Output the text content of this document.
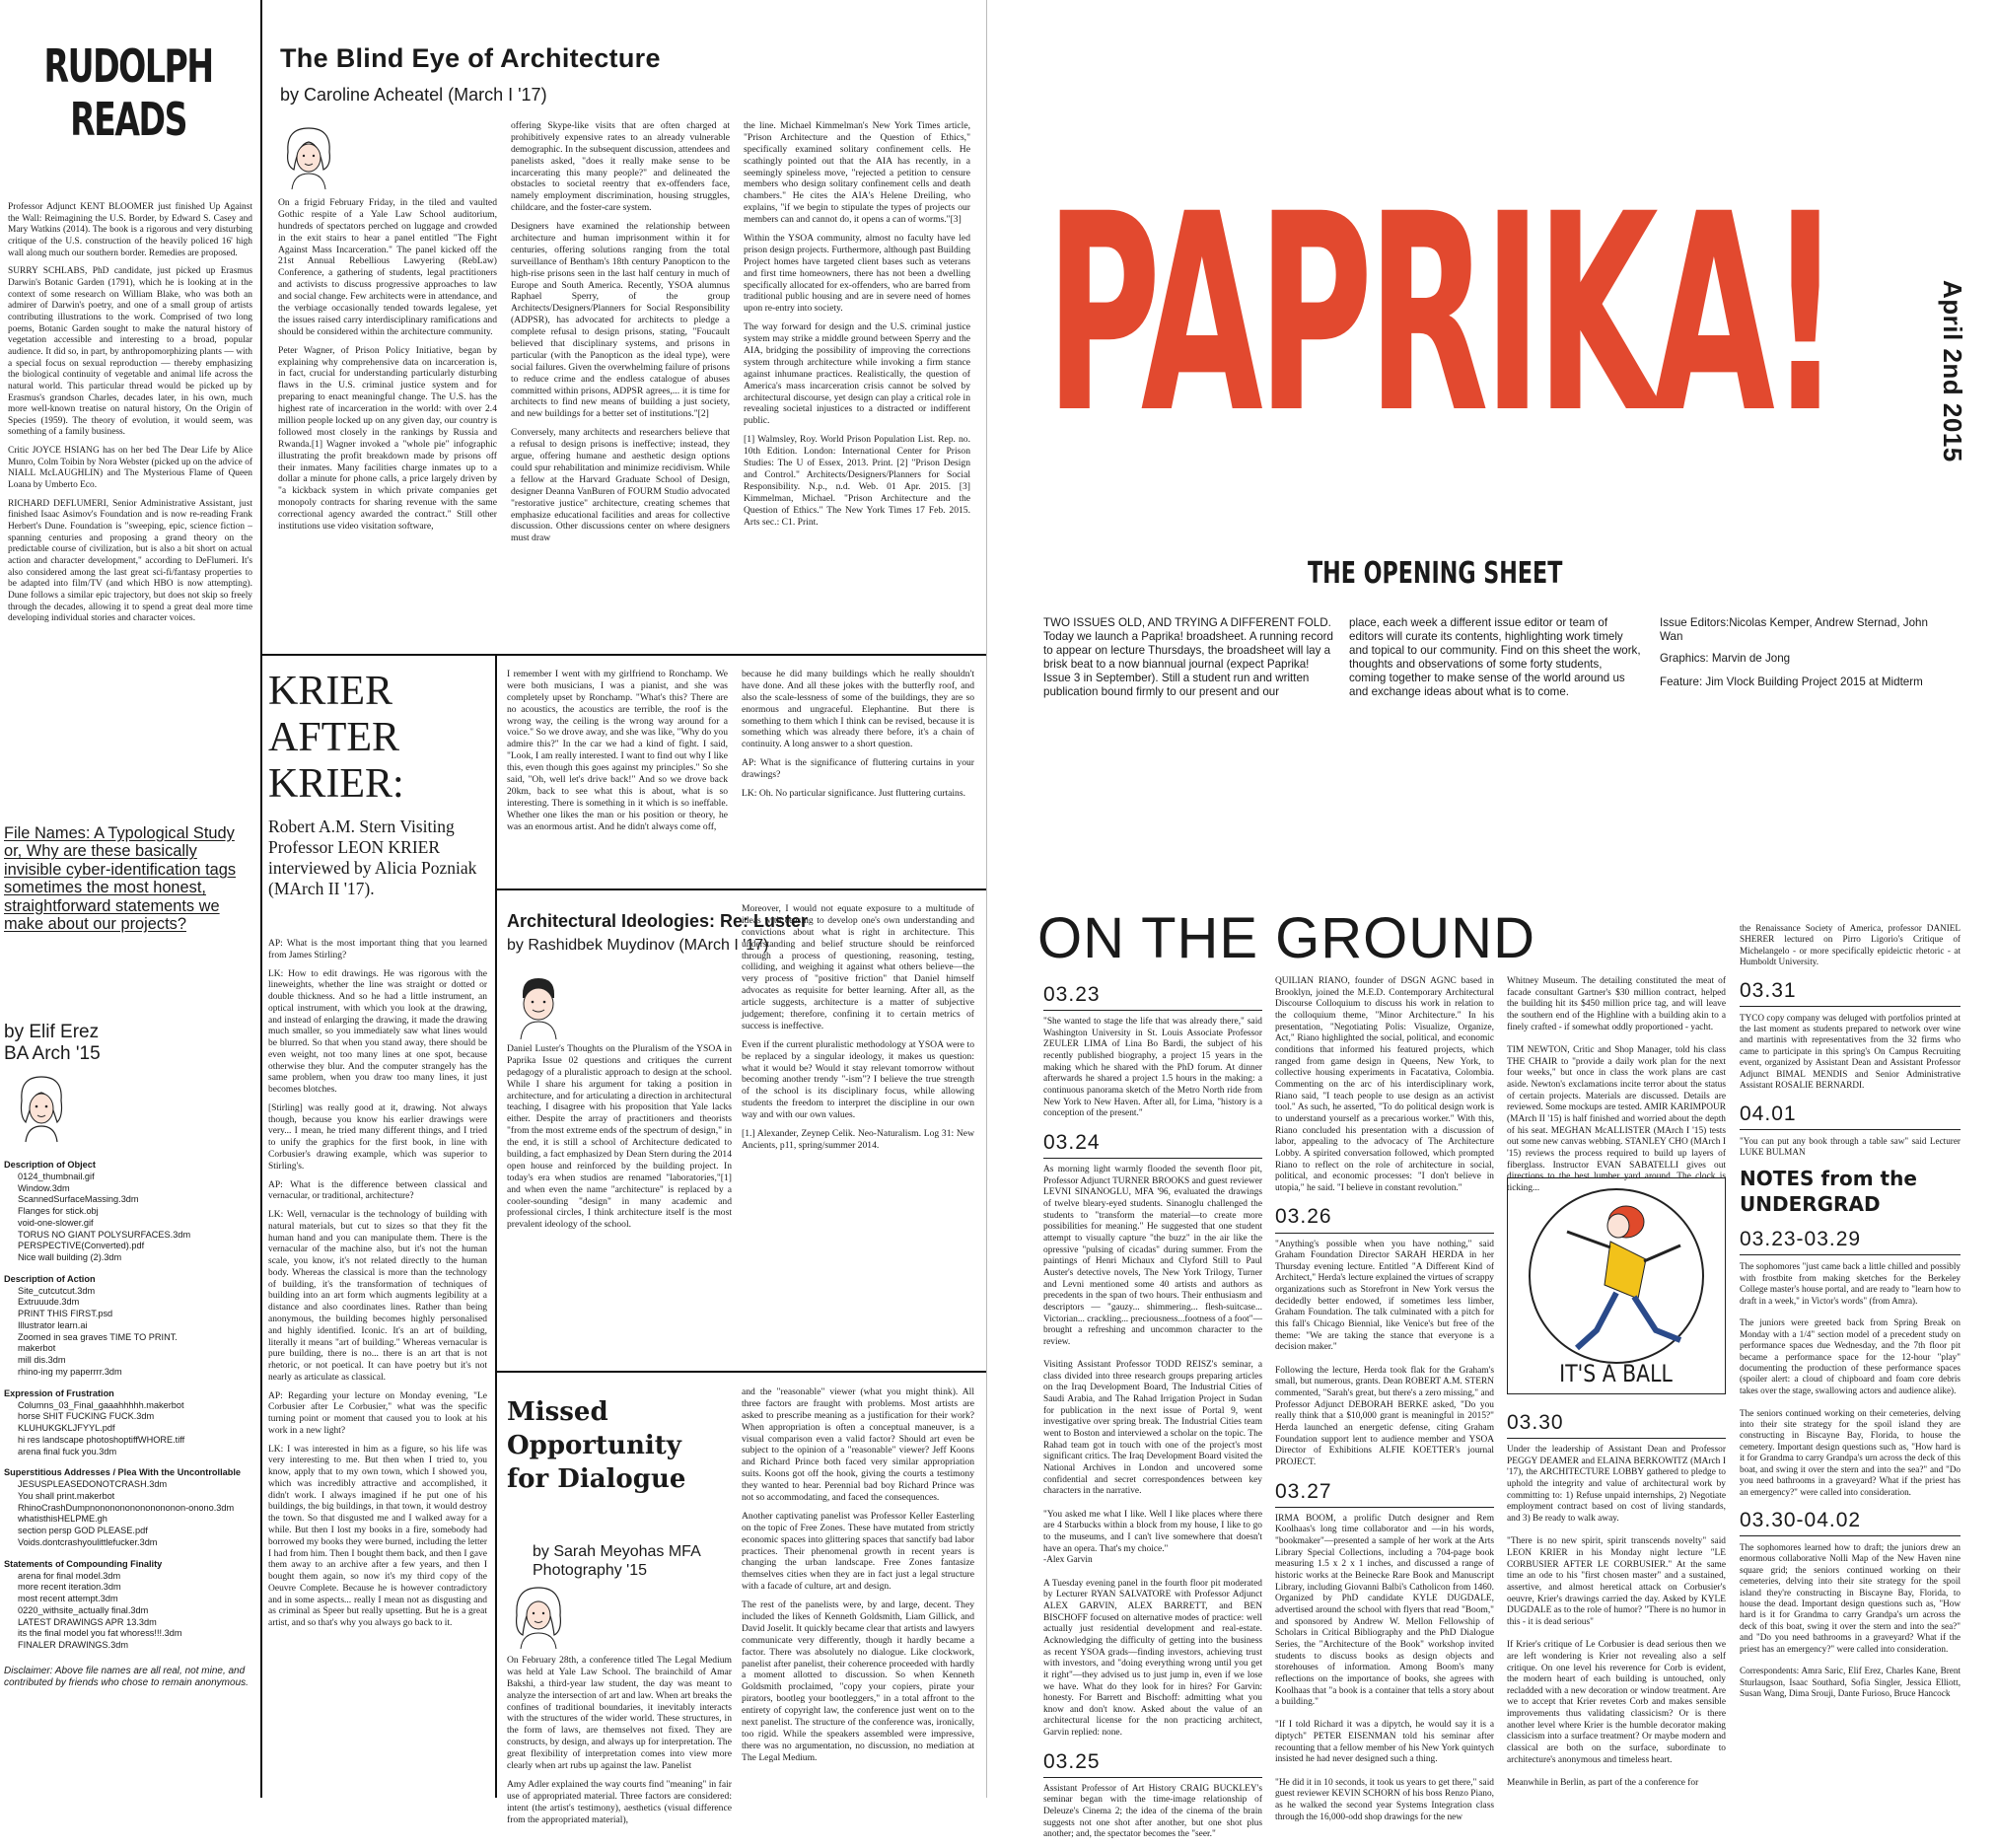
RUDOLPH READS

Professor Adjunct KENT BLOOMER just finished Up Against the Wall: Reimagining the U.S. Border, by Edward S. Casey and Mary Watkins (2014). The book is a rigorous and very disturbing critique of the U.S. construction of the heavily policed 16' high wall along much our southern border. Remedies are proposed.

SURRY SCHLABS, PhD candidate, just picked up Erasmus Darwin's Botanic Garden (1791), which he is looking at in the context of some research on William Blake, who was both an admirer of Darwin's poetry, and one of a small group of artists contributing illustrations to the work. Comprised of two long poems, Botanic Garden sought to make the natural history of vegetation accessible and interesting to a broad, popular audience. It did so, in part, by anthropomorphizing plants — with a special focus on sexual reproduction — thereby emphasizing the biological continuity of vegetable and animal life across the natural world. This particular thread would be picked up by Erasmus's grandson Charles, decades later, in his own, much more well-known treatise on natural history, On the Origin of Species (1959). The theory of evolution, it would seem, was something of a family business.

Critic JOYCE HSIANG has on her bed The Dear Life by Alice Munro, Colm Toibin by Nora Webster (picked up on the advice of NIALL McLAUGHLIN) and The Mysterious Flame of Queen Loana by Umberto Eco.

RICHARD DEFLUMERI, Senior Administrative Assistant, just finished Isaac Asimov's Foundation and is now re-reading Frank Herbert's Dune. Foundation is "sweeping, epic, science fiction – spanning centuries and proposing a grand theory on the predictable course of civilization, but is also a bit short on actual action and character development," according to DeFlumeri. It's also considered among the last great sci-fi/fantasy properties to be adapted into film/TV (and which HBO is now attempting). Dune follows a similar epic trajectory, but does not skip so freely through the decades, allowing it to spend a great deal more time developing individual stories and character voices.

File Names: A Typological Study or, Why are these basically invisible cyber-identification tags sometimes the most honest, straightforward statements we make about our projects?
by Elif Erez
BA Arch '15
Description of Object
0124_thumbnail.gif
Window.3dm
ScannedSurfaceMassing.3dm
Flanges for stick.obj
void-one-slower.gif
TORUS NO GIANT POLYSURFACES.3dm
PERSPECTIVE(Converted).pdf
Nice wall building (2).3dm
Description of Action
Site_cutcutcut.3dm
Extruuude.3dm
PRINT THIS FIRST.psd
Illustrator learn.ai
Zoomed in sea graves TIME TO PRINT.
makerbot
mill dis.3dm
rhino-ing my paperrrr.3dm
Expression of Frustration
Columns_03_Final_gaaahhhhh.makerbot
horse SHIT FUCKING FUCK.3dm
KLUHUKGKLJFYYL.pdf
hi res landscape photoshoptiffWHORE.tiff
arena final fuck you.3dm
Superstitious Addresses / Plea With the Uncontrollable
JESUSPLEASEDONOTCRASH.3dm
You shall print.makerbot
RhinoCrashDumpnononononononononon-onono.3dm
whatisthisHELPME.gh
section persp GOD PLEASE.pdf
Voids.dontcrashyoulittlefucker.3dm
Statements of Compounding Finality
arena for final model.3dm
more recent iteration.3dm
most recent attempt.3dm
0220_withsite_actually final.3dm
LATEST DRAWINGS APR 13.3dm
its the final model you fat whoress!!!.3dm
FINALER DRAWINGS.3dm
Disclaimer: Above file names are all real, not mine, and contributed by friends who chose to remain anonymous.
The Blind Eye of Architecture
by Caroline Acheatel (March I '17)

On a frigid February Friday, in the tiled and vaulted Gothic respite of a Yale Law School auditorium, hundreds of spectators perched on luggage and crowded in the exit stairs to hear a panel entitled "The Fight Against Mass Incarceration." The panel kicked off the 21st Annual Rebellious Lawyering (RebLaw) Conference, a gathering of students, legal practitioners and activists to discuss progressive approaches to law and social change. Few architects were in attendance, and the verbiage occasionally tended towards legalese, yet the issues raised carry interdisciplinary ramifications and should be considered within the architecture community.

Peter Wagner, of Prison Policy Initiative, began by explaining why comprehensive data on incarceration is, in fact, crucial for understanding particularly disturbing flaws in the U.S. criminal justice system and for preparing to enact meaningful change. The U.S. has the highest rate of incarceration in the world: with over 2.4 million people locked up on any given day, our country is followed most closely in the rankings by Russia and Rwanda.[1] Wagner invoked a "whole pie" infographic illustrating the profit breakdown made by prisons off their inmates. Many facilities charge inmates up to a dollar a minute for phone calls, a price largely driven by "a kickback system in which private companies get monopoly contracts for sharing revenue with the same correctional agency awarded the contract." Still other institutions use video visitation software,

offering Skype-like visits that are often charged at prohibitively expensive rates to an already vulnerable demographic. In the subsequent discussion, attendees and panelists asked, "does it really make sense to be incarcerating this many people?" and delineated the obstacles to societal reentry that ex-offenders face, namely employment discrimination, housing struggles, childcare, and the foster-care system.

Designers have examined the relationship between architecture and human imprisonment within it for centuries, offering solutions ranging from the total surveillance of Bentham's 18th century Panopticon to the high-rise prisons seen in the last half century in much of Europe and South America. Recently, YSOA alumnus Raphael Sperry, of the group Architects/Designers/Planners for Social Responsibility (ADPSR), has advocated for architects to pledge a complete refusal to design prisons, stating, "Foucault believed that disciplinary systems, and prisons in particular (with the Panopticon as the ideal type), were social failures. Given the overwhelming failure of prisons to reduce crime and the endless catalogue of abuses committed within prisons, ADPSR agrees,... it is time for architects to find new means of building a just society, and new buildings for a better set of institutions."[2]

Conversely, many architects and researchers believe that a refusal to design prisons is ineffective; instead, they argue, offering humane and aesthetic design options could spur rehabilitation and minimize recidivism. While a fellow at the Harvard Graduate School of Design, designer Deanna VanBuren of FOURM Studio advocated "restorative justice" architecture, creating schemes that emphasize educational facilities and areas for collective discussion. Other discussions center on where designers must draw

the line. Michael Kimmelman's New York Times article, "Prison Architecture and the Question of Ethics," specifically examined solitary confinement cells. He scathingly pointed out that the AIA has recently, in a seemingly spineless move, "rejected a petition to censure members who design solitary confinement cells and death chambers." He cites the AIA's Helene Dreiling, who explains, "if we begin to stipulate the types of projects our members can and cannot do, it opens a can of worms."[3]

Within the YSOA community, almost no faculty have led prison design projects. Furthermore, although past Building Project homes have targeted client bases such as veterans and first time homeowners, there has not been a dwelling specifically allocated for ex-offenders, who are barred from traditional public housing and are in severe need of homes upon re-entry into society.

The way forward for design and the U.S. criminal justice system may strike a middle ground between Sperry and the AIA, bridging the possibility of improving the corrections system through architecture while invoking a firm stance against inhumane practices. Realistically, the question of America's mass incarceration crisis cannot be solved by architectural discourse, yet design can play a critical role in revealing societal injustices to a distracted or indifferent public.

[1] Walmsley, Roy. World Prison Population List. Rep. no. 10th Edition. London: International Center for Prison Studies: The U of Essex, 2013. Print. [2] "Prison Design and Control." Architects/Designers/Planners for Social Responsibility. N.p., n.d. Web. 01 Apr. 2015. [3] Kimmelman, Michael. "Prison Architecture and the Question of Ethics." The New York Times 17 Feb. 2015. Arts sec.: C1. Print.

KRIER AFTER KRIER:
Robert A.M. Stern Visiting Professor LEON KRIER interviewed by Alicia Pozniak (MArch II '17).

AP: What is the most important thing that you learned from James Stirling?

LK: How to edit drawings. He was rigorous with the lineweights, whether the line was straight or dotted or double thickness. And so he had a little instrument, an optical instrument, with which you look at the drawing, and instead of enlarging the drawing, it made the drawing much smaller, so you immediately saw what lines would be blurred. So that when you stand away, there should be even weight, not too many lines at one spot, because otherwise they blur. And the computer strangely has the same problem, when you draw too many lines, it just becomes blotches.

[Stirling] was really good at it, drawing. Not always though, because you know his earlier drawings were very... I mean, he tried many different things, and I tried to unify the graphics for the first book, in line with Corbusier's drawing example, which was superior to Stirling's.

AP: What is the difference between classical and vernacular, or traditional, architecture?

LK: Well, vernacular is the technology of building with natural materials, but cut to sizes so that they fit the human hand and you can manipulate them. There is the vernacular of the machine also, but it's not the human scale, you know, it's not related directly to the human body. Whereas the classical is more than the technology of building, it's the transformation of techniques of building into an art form which augments legibility at a distance and also coordinates lines. Rather than being anonymous, the building becomes highly personalised and highly identified. Iconic. It's an art of building, literally it means "art of building." Whereas vernacular is pure building, there is no... there is an art that is not rhetoric, or not poetical. It can have poetry but it's not nearly as articulate as classical.

AP: Regarding your lecture on Monday evening, "Le Corbusier after Le Corbusier," what was the specific turning point or moment that caused you to look at his work in a new light?

LK: I was interested in him as a figure, so his life was very interesting to me. But then when I tried to, you know, apply that to my own town, which I showed you, which was incredibly attractive and accomplished, it didn't work. I always imagined if he put one of his buildings, the big buildings, in that town, it would destroy the town. So that disgusted me and I walked away for a while. But then I lost my books in a fire, somebody had borrowed my books they were burned, including the letter I had from him. Then I bought them back, and then I gave them away to an archive after a few years, and then I bought them again, so now it's my third copy of the Oeuvre Complete. Because he is however contradictory and in some aspects... really I mean not as disgusting and as criminal as Speer but really upsetting. But he is a great artist, and so that's why you always go back to it.

I remember I went with my girlfriend to Ronchamp. We were both musicians, I was a pianist, and she was completely upset by Ronchamp. "What's this? There are no acoustics, the acoustics are terrible, the roof is the wrong way, the ceiling is the wrong way around for a voice." So we drove away, and she was like, "Why do you admire this?" In the car we had a kind of fight. I said, "Look, I am really interested. I want to find out why I like this, even though this goes against my principles." So she said, "Oh, well let's drive back!" And so we drove back 20km, back to see what this is about, what is so interesting. There is something in it which is so ineffable. Whether one likes the man or his position or theory, he was an enormous artist. And he didn't always come off,

because he did many buildings which he really shouldn't have done. And all these jokes with the butterfly roof, and also the scale-lessness of some of the buildings, they are so enormous and ungraceful. Elephantine. But there is something to them which I think can be revised, because it is something which was already there before, it's a chain of continuity. A long answer to a short question.

AP: What is the significance of fluttering curtains in your drawings?

LK: Oh. No particular significance. Just fluttering curtains.

Architectural Ideologies: Re: Luster
by Rashidbek Muydinov (MArch I '17)

Daniel Luster's Thoughts on the Pluralism of the YSOA in Paprika Issue 02 questions and critiques the current pedagogy of a pluralistic approach to design at the school. While I share his argument for taking a position in architecture, and for articulating a direction in architectural teaching, I disagree with his proposition that Yale lacks either. Despite the array of practitioners and theorists "from the most extreme ends of the spectrum of design," in the end, it is still a school of Architecture dedicated to building, a fact emphasized by Dean Stern during the 2014 open house and reinforced by the building project. In today's era when studios are renamed "laboratories,"[1] and when even the name "architecture" is replaced by a cooler-sounding "design" in many academic and professional circles, I think architecture itself is the most prevalent ideology of the school.

Moreover, I would not equate exposure to a multitude of ideas with ceasing to develop one's own understanding and convictions about what is right in architecture. This understanding and belief structure should be reinforced through a process of questioning, reasoning, testing, colliding, and weighing it against what others believe—the very process of "positive friction" that Daniel himself advocates as requisite for better learning. After all, as the article suggests, architecture is a matter of subjective judgement; therefore, confining it to certain metrics of success is ineffective.

Even if the current pluralistic methodology at YSOA were to be replaced by a singular ideology, it makes us question: what it would be? Would it stay relevant tomorrow without becoming another trendy "-ism"? I believe the true strength of the school is its disciplinary focus, while allowing students the freedom to interpret the discipline in our own way and with our own values.

[1.] Alexander, Zeynep Celik. Neo-Naturalism. Log 31: New Ancients, p11, spring/summer 2014.

Missed Opportunity for Dialogue
by Sarah Meyohas MFA Photography '15

On February 28th, a conference titled The Legal Medium was held at Yale Law School. The brainchild of Amar Bakshi, a third-year law student, the day was meant to analyze the intersection of art and law. When art breaks the confines of traditional boundaries, it inevitably interacts with the structures of the wider world. These structures, in the form of laws, are themselves not fixed. They are constructs, by design, and always up for interpretation. The great flexibility of interpretation comes into view more clearly when art rubs up against the law. Panelist

Amy Adler explained the way courts find "meaning" in fair use of appropriated material. Three factors are considered: intent (the artist's testimony), aesthetics (visual difference from the appropriated material),

and the "reasonable" viewer (what you might think). All three factors are fraught with problems. Most artists are asked to prescribe meaning as a justification for their work? When appropriation is often a conceptual maneuver, is a visual comparison even a valid factor? Should art even be subject to the opinion of a "reasonable" viewer? Jeff Koons and Richard Prince both faced very similar appropriation suits. Koons got off the hook, giving the courts a testimony they wanted to hear. Perennial bad boy Richard Prince was not so accommodating, and faced the consequences.

Another captivating panelist was Professor Keller Easterling on the topic of Free Zones. These have mutated from strictly economic spaces into glittering spaces that sanctify bad labor practices. Their phenomenal growth in recent years is changing the urban landscape. Free Zones fantasize themselves cities when they are in fact just a legal structure with a facade of culture, art and design.

The rest of the panelists were, by and large, decent. They included the likes of Kenneth Goldsmith, Liam Gillick, and David Joselit. It quickly became clear that artists and lawyers communicate very differently, though it hardly became a factor. There was absolutely no dialogue. Like clockwork, panelist after panelist, their coherence proceeded with hardly a moment allotted to discussion. So when Kenneth Goldsmith proclaimed, "copy your copiers, pirate your pirators, bootleg your bootleggers," in a total affront to the entirety of copyright law, the conference just went on to the next panelist. The structure of the conference was, ironically, too rigid. While the speakers assembled were impressive, there was no argumentation, no discussion, no mediation at The Legal Medium.

PAPRIKA!	April 2nd 2015
THE OPENING SHEET
TWO ISSUES OLD, AND TRYING A DIFFERENT FOLD. Today we launch a Paprika! broadsheet. A running record to appear on lecture Thursdays, the broadsheet will lay a brisk beat to a now biannual journal (expect Paprika! Issue 3 in September). Still a student run and written publication bound firmly to our present and our
place, each week a different issue editor or team of editors will curate its contents, highlighting work timely and topical to our community. Find on this sheet the work, thoughts and observations of some forty students, coming together to make sense of the world around us and exchange ideas about what is to come.
Issue Editors:Nicolas Kemper, Andrew Sternad, John Wan
Graphics: Marvin de Jong
Feature: Jim Vlock Building Project 2015 at Midterm
ON THE GROUND
03.23

"She wanted to stage the life that was already there," said Washington University in St. Louis Associate Professor ZEULER LIMA of Lina Bo Bardi, the subject of his recently published biography, a project 15 years in the making which he shared with the PhD forum. At dinner afterwards he shared a project 1.5 hours in the making: a continuous panorama sketch of the Metro North ride from New York to New Haven. After all, for Lima, "history is a conception of the present."

03.24

As morning light warmly flooded the seventh floor pit, Professor Adjunct TURNER BROOKS and guest reviewer LEVNI SINANOGLU, MFA '96, evaluated the drawings of twelve bleary-eyed students. Sinanoglu challenged the students to "transform the material—to create more possibilities for meaning." He suggested that one student attempt to visually capture "the buzz" in the air like the opressive "pulsing of cicadas" during summer. From the paintings of Henri Michaux and Clyford Still to Paul Auster's detective novels, The New York Trilogy, Turner and Levni mentioned some 40 artists and authors as precedents in the span of two hours. Their enthusiasm and descriptors — "gauzy... shimmering... flesh-suitcase... Victorian... crackling... preciousness...footness of a foot"—brought a refreshing and uncommon character to the review.

Visiting Assistant Professor TODD REISZ's seminar, a class divided into three research groups preparing articles on the Iraq Development Board, The Industrial Cities of Saudi Arabia, and The Rahad Irrigation Project in Sudan for publication in the next issue of Portal 9, went investigative over spring break. The Industrial Cities team went to Boston and interviewed a scholar on the topic. The Rahad team got in touch with one of the project's most significant critics. The Iraq Development Board visited the National Archives in London and uncovered some confidential and secret correspondences between key characters in the narrative.

"You asked me what I like. Well I like places where there are 4 Starbucks within a block from my house, I like to go to the museums, and I can't live somewhere that doesn't have an opera. That's my choice."
-Alex Garvin

A Tuesday evening panel in the fourth floor pit moderated by Lecturer RYAN SALVATORE with Professor Adjunct ALEX GARVIN, ALEX BARRETT, and BEN BISCHOFF focused on alternative modes of practice: well actually just residential development and real-estate. Acknowledging the difficulty of getting into the business as recent YSOA grads—finding investors, achieving trust with investors, and "doing everything wrong until you get it right"—they advised us to just jump in, even if we lose we have. What do they look for in hires? For Garvin: honesty. For Barrett and Bischoff: admitting what you know and don't know. Asked about the value of an architectural license for the non practicing architect, Garvin replied: none.

03.25

Assistant Professor of Art History CRAIG BUCKLEY's seminar began with the time-image relationship of Deleuze's Cinema 2; the idea of the cinema of the brain suggests not one shot after another, but one shot plus another; and, the spectator becomes the "seer."

QUILIAN RIANO, founder of DSGN AGNC based in Brooklyn, joined the M.E.D. Contemporary Architectural Discourse Colloquium to discuss his work in relation to the colloquium theme, "Minor Architecture." In his presentation, "Negotiating Polis: Visualize, Organize, Act," Riano highlighted the social, political, and economic conditions that informed his featured projects, which ranged from game design in Queens, New York, to collective housing experiments in Facatativa, Colombia. Commenting on the arc of his interdisciplinary work, Riano said, "I teach people to use design as an activist tool." As such, he asserted, "To do political design work is to understand yourself as a precarious worker." With this, Riano concluded his presentation with a discussion of labor, appealing to the advocacy of The Architecture Lobby. A spirited conversation followed, which prompted Riano to reflect on the role of architecture in social, political, and economic processes: "I don't believe in utopia," he said. "I believe in constant revolution."

03.26

"Anything's possible when you have nothing," said Graham Foundation Director SARAH HERDA in her Thursday evening lecture. Entitled "A Different Kind of Architect," Herda's lecture explained the virtues of scrappy organizations such as Storefront in New York versus the decidedly better endowed, if sometimes less limber, Graham Foundation. The talk culminated with a pitch for this fall's Chicago Biennial, like Venice's but free of the theme: "We are taking the stance that everyone is a decision maker."

Following the lecture, Herda took flak for the Graham's small, but numerous, grants. Dean ROBERT A.M. STERN commented, "Sarah's great, but there's a zero missing," and Professor Adjunct DEBORAH BERKE asked, "Do you really think that a $10,000 grant is meaningful in 2015?" Herda launched an energetic defense, citing Graham Foundation support lent to audience member and YSOA Director of Exhibitions ALFIE KOETTER's journal PROJECT.

03.27

IRMA BOOM, a prolific Dutch designer and Rem Koolhaas's long time collaborator and —in his words, "bookmaker"—presented a sample of her work at the Arts Library Special Collections, including a 704-page book measuring 1.5 x 2 x 1 inches, and discussed a range of historic works at the Beinecke Rare Book and Manuscript Library, including Giovanni Balbi's Catholicon from 1460. Organized by PhD candidate KYLE DUGDALE, advertised around the school with flyers that read "Boom," and sponsored by Andrew W. Mellon Fellowship of Scholars in Critical Bibliography and the PhD Dialogue Series, the "Architecture of the Book" workshop invited students to discuss books as design objects and storehouses of information. Among Boom's many reflections on the importance of books, she agrees with Koolhaas that "a book is a container that tells a story about a building."

"If I told Richard it was a dipytch, he would say it is a diptych" PETER EISENMAN told his seminar after recounting that a fellow member of his New York quintych insisted he had never designed such a thing.

"He did it in 10 seconds, it took us years to get there," said guest reviewer KEVIN SCHORN of his boss Renzo Piano, as he walked the second year Systems Integration class through the 16,000-odd shop drawings for the new

Whitney Museum. The detailing constituted the meat of facade consultant Gartner's $30 million contract, helped the building hit its $450 million price tag, and will leave the southern end of the Highline with a building akin to a finely crafted - if somewhat oddly proportioned - yacht.

TIM NEWTON, Critic and Shop Manager, told his class THE CHAIR to "provide a daily work plan for the next four weeks," but once in class the work plans are cast aside. Newton's exclamations incite terror about the status of certain projects. Materials are discussed. Details are reviewed. Some mockups are tested. AMIR KARIMPOUR (MArch II '15) is half finished and worried about the depth of his seat. MEGHAN McALLISTER (MArch I '15) tests out some new canvas webbing. STANLEY CHO (MArch I '15) reviews the process required to build up layers of fiberglass. Instructor EVAN SABATELLI gives out directions to the best lumber yard around. The clock is ticking...

IT'S A BALL
03.30

Under the leadership of Assistant Dean and Professor PEGGY DEAMER and ELAINA BERKOWITZ (MArch I '17), the ARCHITECTURE LOBBY gathered to pledge to uphold the integrity and value of architectural work by committing to: 1) Refuse unpaid internships, 2) Negotiate employment contract based on cost of living standards, and 3) Be ready to walk away.

"There is no new spirit, spirit transcends novelty" said LEON KRIER in his Monday night lecture "LE CORBUSIER AFTER LE CORBUSIER." At the same time an ode to his "first chosen master" and a sustained, assertive, and almost heretical attack on Corbusier's oeuvre, Krier's drawings carried the day. Asked by KYLE DUGDALE as to the role of humor? "There is no humor in this - it is dead serious"

If Krier's critique of Le Corbusier is dead serious then we are left wondering is Krier not revealing also a self critique. On one level his reverence for Corb is evident, the modern heart of each building is untouched, only recladded with a new decoration or window treatment. Are we to accept that Krier revetes Corb and makes sensible improvements thus validating classicism? Or is there another level where Krier is the humble decorator making classicism into a surface treatment? Or maybe modern and classical are both on the surface, subordinate to architecture's anonymous and timeless heart.

Meanwhile in Berlin, as part of the a conference for

the Renaissance Society of America, professor DANIEL SHERER lectured on Pirro Ligorio's Critique of Michelangelo - or more specifically epideictic rhetoric - at Humboldt University.

03.31

TYCO copy company was deluged with portfolios printed at the last moment as students prepared to network over wine and martinis with representatives from the 32 firms who came to participate in this spring's On Campus Recruiting event, organized by Assistant Dean and Assistant Professor Adjunct BIMAL MENDIS and Senior Administrative Assistant ROSALIE BERNARDI.

04.01

"You can put any book through a table saw" said Lecturer LUKE BULMAN

NOTES from the UNDERGRAD
03.23-03.29

The sophomores "just came back a little chilled and possibly with frostbite from making sketches for the Berkeley College master's house portal, and are ready to "learn how to draft in a week," in Victor's words" (from Amra).

The juniors were greeted back from Spring Break on Monday with a 1/4" section model of a precedent study on performance spaces due Wednesday, and the 7th floor pit became a performance space for the 12-hour "play" documenting the production of these performance spaces (spoiler alert: a cloud of chipboard and foam core debris takes over the stage, swallowing actors and audience alike).

The seniors continued working on their cemeteries, delving into their site strategy for the spoil island they are constructing in Biscayne Bay, Florida, to house the cemetery. Important design questions such as, "How hard is it for Grandma to carry Grandpa's urn across the deck of this boat, and swing it over the stern and into the sea?" and "Do you need bathrooms in a graveyard? What if the priest has an emergency?" were called into consideration.

03.30-04.02

The sophomores learned how to draft; the juniors drew an enormous collaborative Nolli Map of the New Haven nine square grid; the seniors continued working on their cemeteries, delving into their site strategy for the spoil island they're constructing in Biscayne Bay, Florida, to house the dead. Important design questions such as, "How hard is it for Grandma to carry Grandpa's urn across the deck of this boat, swing it over the stern and into the sea?" and "Do you need bathrooms in a graveyard? What if the priest has an emergency?" were called into consideration.

Correspondents: Amra Saric, Elif Erez, Charles Kane, Brent Sturlaugson, Isaac Southard, Sofia Singler, Jessica Elliott, Susan Wang, Dima Srouji, Dante Furioso, Bruce Hancock
